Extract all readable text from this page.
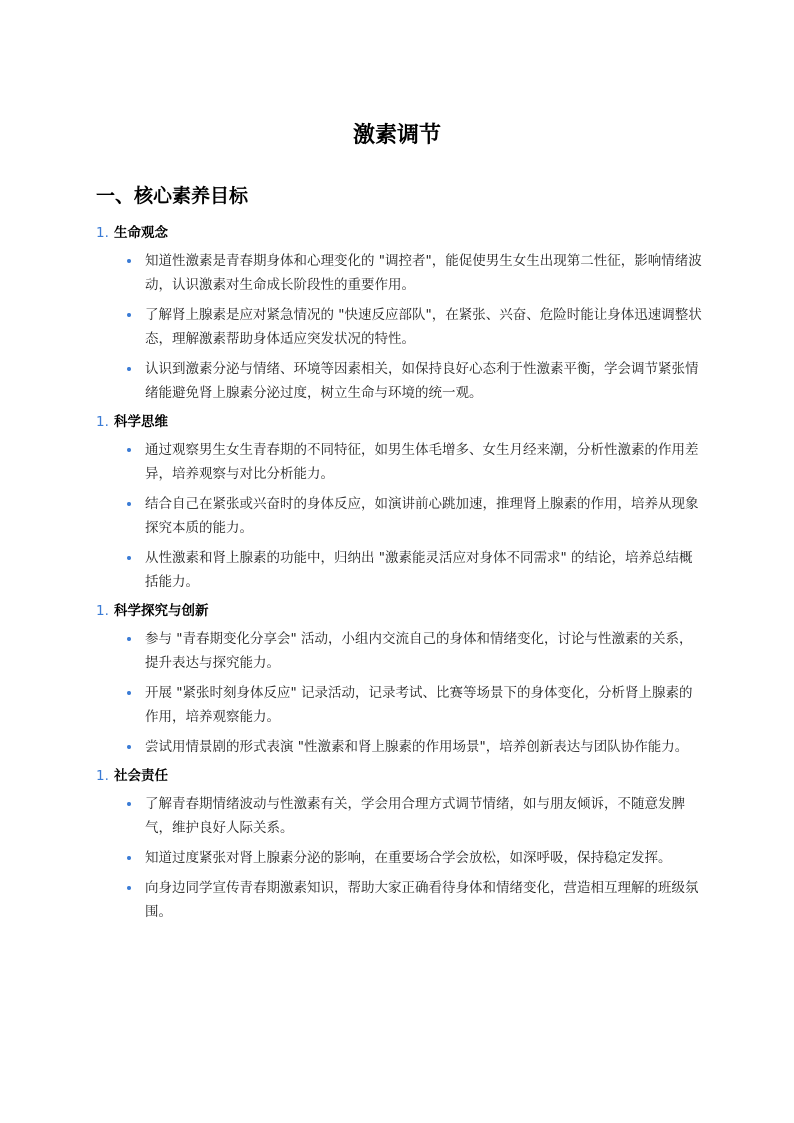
激素调节
一、核心素养目标
1. 生命观念
知道性激素是青春期身体和心理变化的 "调控者"，能促使男生女生出现第二性征，影响情绪波动，认识激素对生命成长阶段性的重要作用。
了解肾上腺素是应对紧急情况的 "快速反应部队"，在紧张、兴奋、危险时能让身体迅速调整状态，理解激素帮助身体适应突发状况的特性。
认识到激素分泌与情绪、环境等因素相关，如保持良好心态利于性激素平衡，学会调节紧张情绪能避免肾上腺素分泌过度，树立生命与环境的统一观。
1. 科学思维
通过观察男生女生青春期的不同特征，如男生体毛增多、女生月经来潮，分析性激素的作用差异，培养观察与对比分析能力。
结合自己在紧张或兴奋时的身体反应，如演讲前心跳加速，推理肾上腺素的作用，培养从现象探究本质的能力。
从性激素和肾上腺素的功能中，归纳出 "激素能灵活应对身体不同需求" 的结论，培养总结概括能力。
1. 科学探究与创新
参与 "青春期变化分享会" 活动，小组内交流自己的身体和情绪变化，讨论与性激素的关系，提升表达与探究能力。
开展 "紧张时刻身体反应" 记录活动，记录考试、比赛等场景下的身体变化，分析肾上腺素的作用，培养观察能力。
尝试用情景剧的形式表演 "性激素和肾上腺素的作用场景"，培养创新表达与团队协作能力。
1. 社会责任
了解青春期情绪波动与性激素有关，学会用合理方式调节情绪，如与朋友倾诉，不随意发脾气，维护良好人际关系。
知道过度紧张对肾上腺素分泌的影响，在重要场合学会放松，如深呼吸，保持稳定发挥。
向身边同学宣传青春期激素知识，帮助大家正确看待身体和情绪变化，营造相互理解的班级氛围。
